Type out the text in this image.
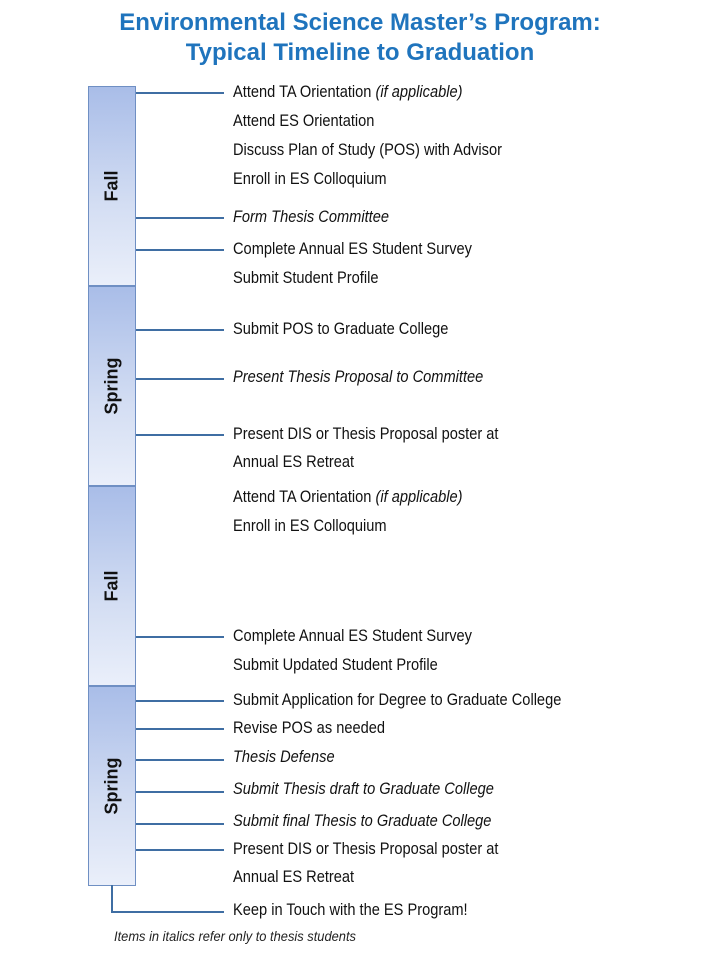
Environmental Science Master’s Program:
Typical Timeline to Graduation
Fall
Spring
Fall
Spring
Attend TA Orientation (if applicable)
Attend ES Orientation
Discuss Plan of Study (POS) with Advisor
Enroll in ES Colloquium
Form Thesis Committee
Complete Annual ES Student Survey
Submit Student Profile
Submit POS to Graduate College
Present Thesis Proposal to Committee
Present DIS or Thesis Proposal poster at
Annual ES Retreat
Attend TA Orientation (if applicable)
Enroll in ES Colloquium
Complete Annual ES Student Survey
Submit Updated Student Profile
Submit Application for Degree to Graduate College
Revise POS as needed
Thesis Defense
Submit Thesis draft to Graduate College
Submit final Thesis to Graduate College
Present DIS or Thesis Proposal poster at
Annual ES Retreat
Keep in Touch with the ES Program!
Items in italics refer only to thesis students
